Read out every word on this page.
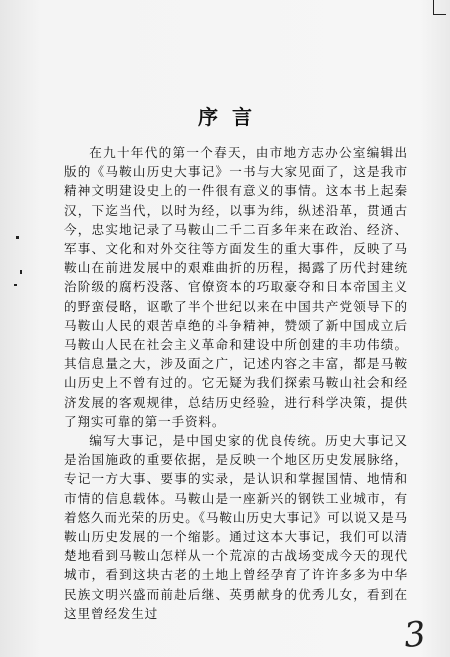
序言

在九十年代的第一个春天，由市地方志办公室编辑出版的《马鞍山历史大事记》一书与大家见面了，这是我市精神文明建设史上的一件很有意义的事情。这本书上起秦汉，下迄当代，以时为经，以事为纬，纵述沿革，贯通古今，忠实地记录了马鞍山二千二百多年来在政治、经济、军事、文化和对外交往等方面发生的重大事件，反映了马鞍山在前进发展中的艰难曲折的历程，揭露了历代封建统治阶级的腐朽没落、官僚资本的巧取豪夺和日本帝国主义的野蛮侵略，讴歌了半个世纪以来在中国共产党领导下的马鞍山人民的艰苦卓绝的斗争精神，赞颂了新中国成立后马鞍山人民在社会主义革命和建设中所创建的丰功伟绩。其信息量之大，涉及面之广，记述内容之丰富，都是马鞍山历史上不曾有过的。它无疑为我们探索马鞍山社会和经济发展的客观规律，总结历史经验，进行科学决策，提供了翔实可靠的第一手资料。

编写大事记，是中国史家的优良传统。历史大事记又是治国施政的重要依据，是反映一个地区历史发展脉络，专记一方大事、要事的实录，是认识和掌握国情、地情和市情的信息载体。马鞍山是一座新兴的钢铁工业城市，有着悠久而光荣的历史。《马鞍山历史大事记》可以说又是马鞍山历史发展的一个缩影。通过这本大事记，我们可以清楚地看到马鞍山怎样从一个荒凉的古战场变成今天的现代城市，看到这块古老的土地上曾经孕育了许许多多为中华民族文明兴盛而前赴后继、英勇献身的优秀儿女，看到在这里曾经发生过

3
